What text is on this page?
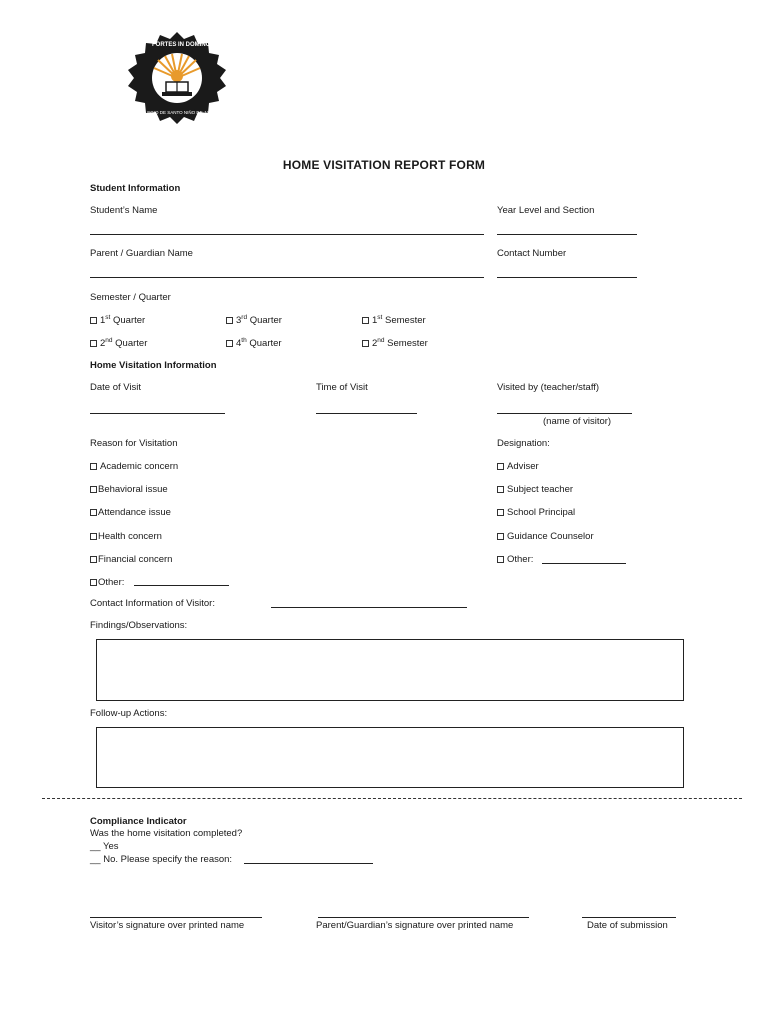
FORTES IN DOMINO
COLEGIO DE SANTO NIÑO DE JASAAN
HOME VISITATION REPORT FORM
Student Information
Student’s Name	Year Level and Section
Parent / Guardian Name	Contact Number
Semester / Quarter
1st Quarter	3rd Quarter	1st Semester
2nd Quarter	4th Quarter	2nd Semester
Home Visitation Information
Date of Visit	Time of Visit	Visited by (teacher/staff)
(name of visitor)
Reason for Visitation	Designation:
Academic concern
Behavioral issue
Attendance issue
Health concern
Financial concern
Other:
Adviser
Subject teacher
School Principal
Guidance Counselor
Other:
Contact Information of Visitor:
Findings/Observations:
Follow-up Actions:
Compliance Indicator
Was the home visitation completed?
__ Yes
__ No. Please specify the reason:
Visitor’s signature over printed name	Parent/Guardian’s signature over printed name	Date of submission
